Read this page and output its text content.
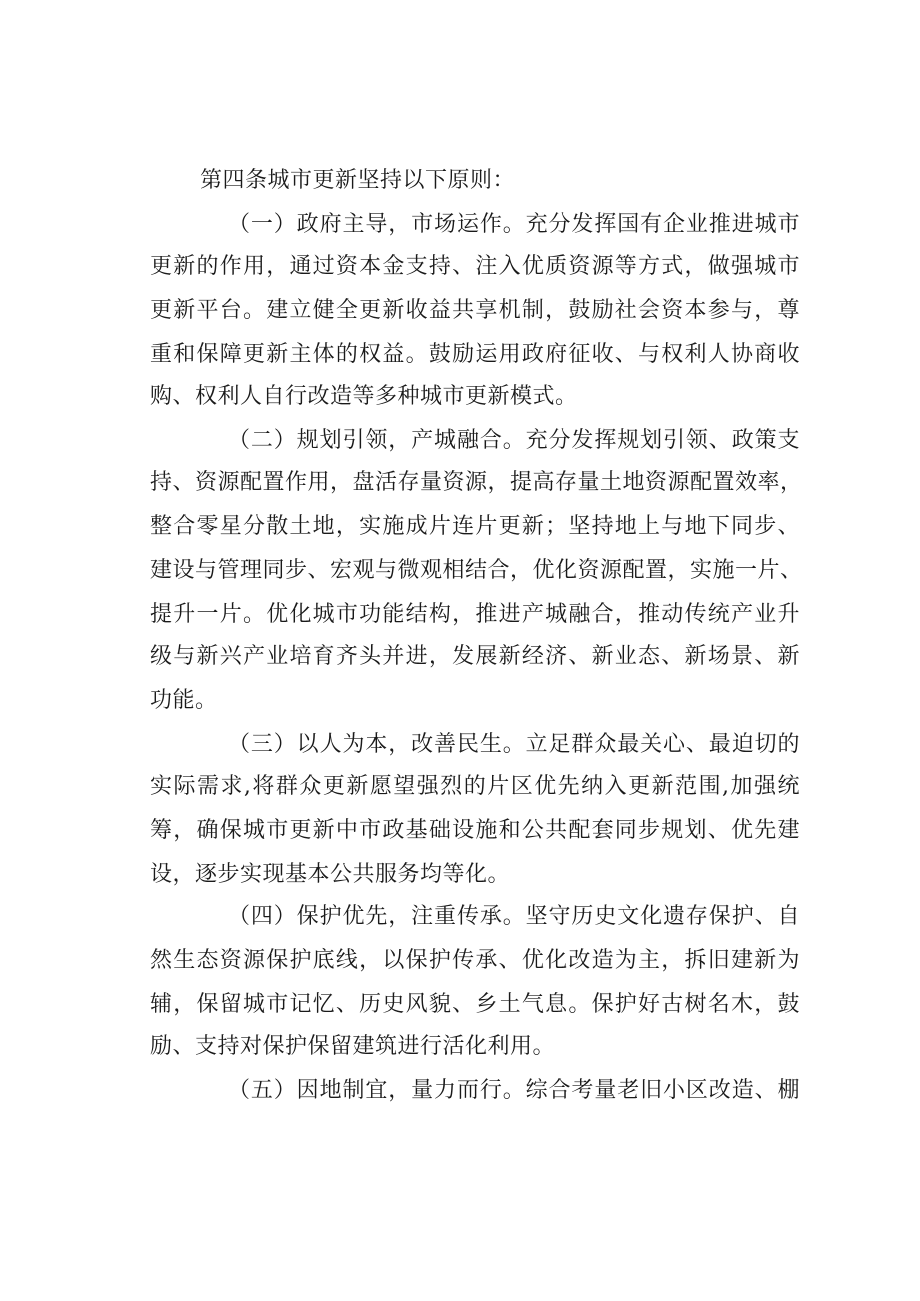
第四条城市更新坚持以下原则：

（一）政府主导，市场运作。充分发挥国有企业推进城市

更新的作用，通过资本金支持、注入优质资源等方式，做强城市

更新平台。建立健全更新收益共享机制，鼓励社会资本参与，尊

重和保障更新主体的权益。鼓励运用政府征收、与权利人协商收

购、权利人自行改造等多种城市更新模式。

（二）规划引领，产城融合。充分发挥规划引领、政策支

持、资源配置作用，盘活存量资源，提高存量土地资源配置效率，

整合零星分散土地，实施成片连片更新；坚持地上与地下同步、

建设与管理同步、宏观与微观相结合，优化资源配置，实施一片、

提升一片。优化城市功能结构，推进产城融合，推动传统产业升

级与新兴产业培育齐头并进，发展新经济、新业态、新场景、新

功能。

（三）以人为本，改善民生。立足群众最关心、最迫切的

实际需求,将群众更新愿望强烈的片区优先纳入更新范围,加强统

筹，确保城市更新中市政基础设施和公共配套同步规划、优先建

设，逐步实现基本公共服务均等化。

（四）保护优先，注重传承。坚守历史文化遗存保护、自

然生态资源保护底线，以保护传承、优化改造为主，拆旧建新为

辅，保留城市记忆、历史风貌、乡土气息。保护好古树名木，鼓

励、支持对保护保留建筑进行活化利用。

（五）因地制宜，量力而行。综合考量老旧小区改造、棚
